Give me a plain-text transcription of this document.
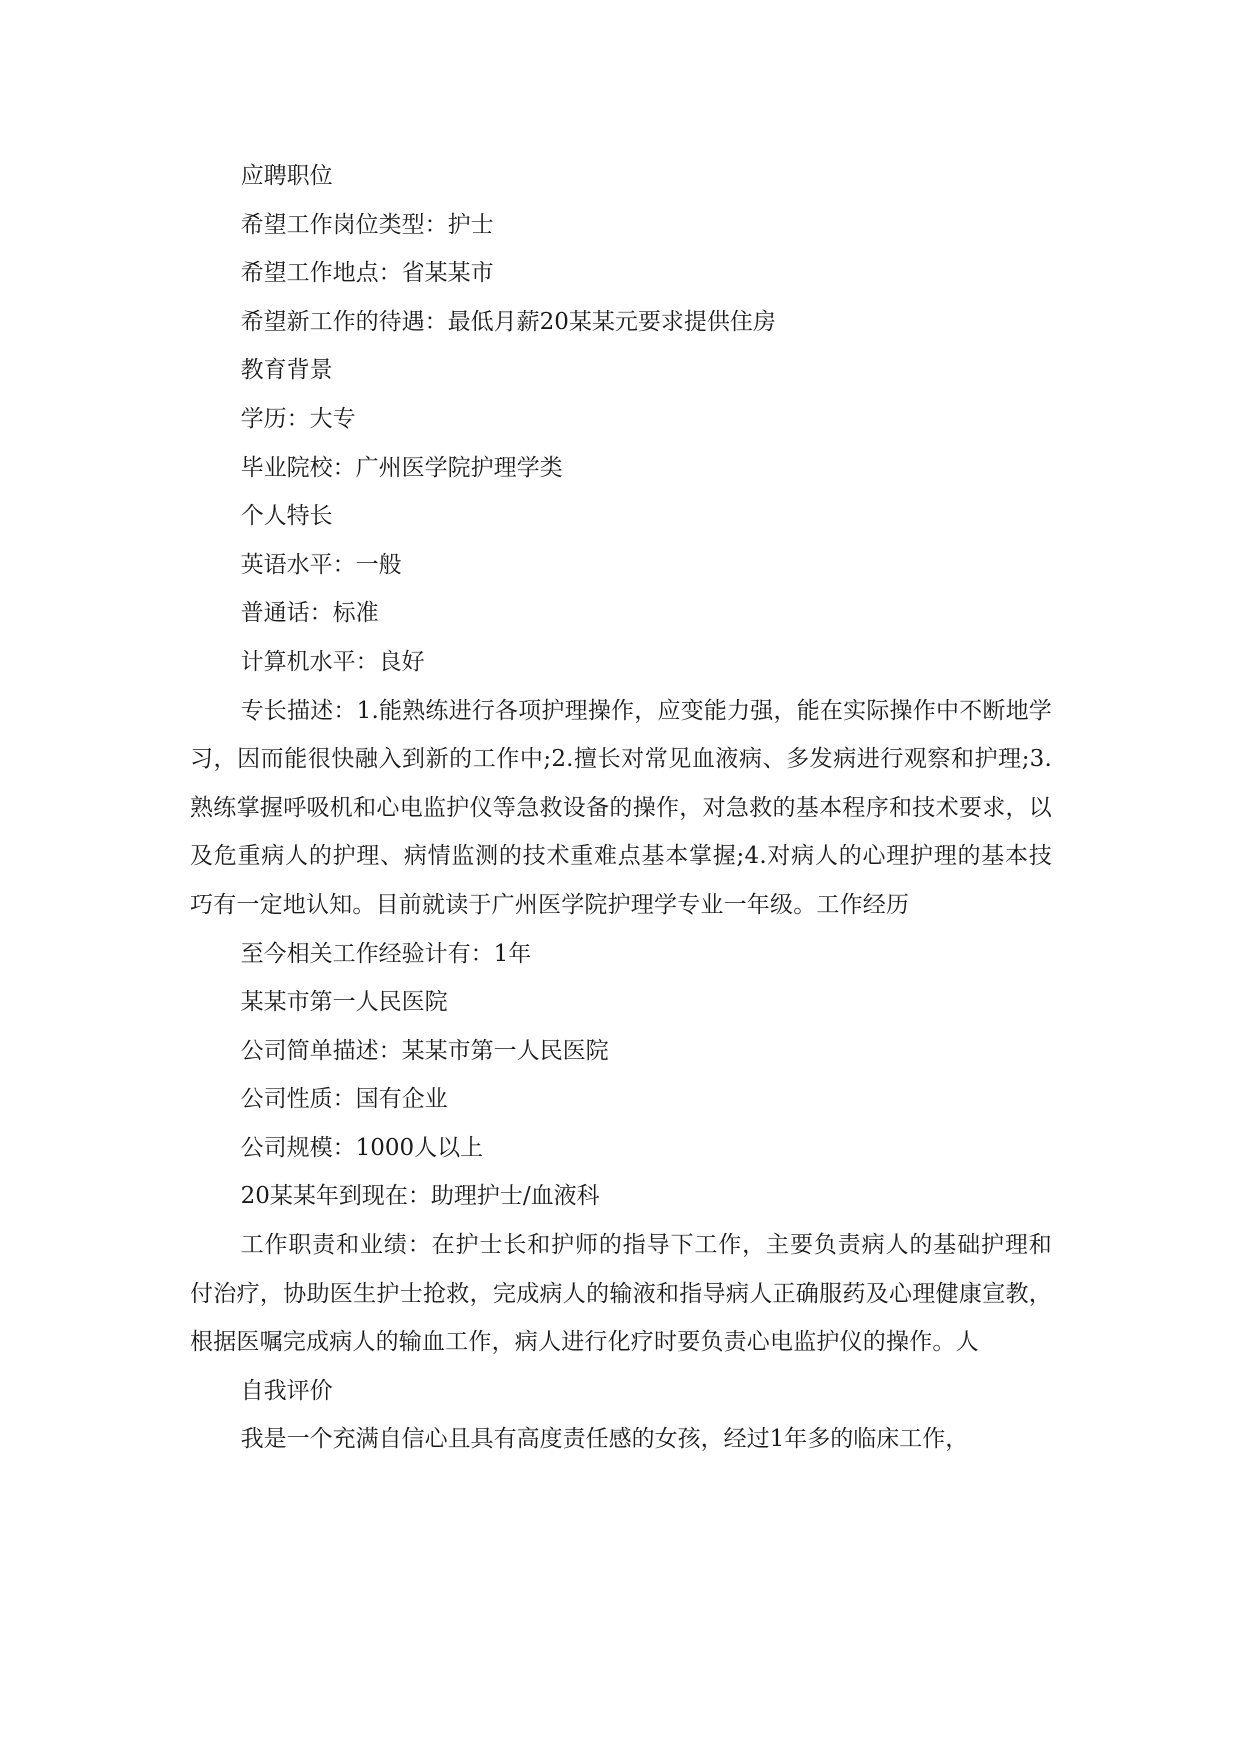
应聘职位

希望工作岗位类型：护士

希望工作地点：省某某市

希望新工作的待遇：最低月薪20某某元要求提供住房

教育背景

学历：大专

毕业院校：广州医学院护理学类

个人特长

英语水平：一般

普通话：标准

计算机水平：良好

专长描述：1.能熟练进行各项护理操作，应变能力强，能在实际操作中不断地学习，因而能很快融入到新的工作中;2.擅长对常见血液病、多发病进行观察和护理;3.熟练掌握呼吸机和心电监护仪等急救设备的操作，对急救的基本程序和技术要求，以及危重病人的护理、病情监测的技术重难点基本掌握;4.对病人的心理护理的基本技巧有一定地认知。目前就读于广州医学院护理学专业一年级。工作经历

至今相关工作经验计有：1年

某某市第一人民医院

公司简单描述：某某市第一人民医院

公司性质：国有企业

公司规模：1000人以上

20某某年到现在：助理护士/血液科

工作职责和业绩：在护士长和护师的指导下工作，主要负责病人的基础护理和付治疗，协助医生护士抢救，完成病人的输液和指导病人正确服药及心理健康宣教，根据医嘱完成病人的输血工作，病人进行化疗时要负责心电监护仪的操作。人

自我评价

我是一个充满自信心且具有高度责任感的女孩，经过1年多的临床工作，
